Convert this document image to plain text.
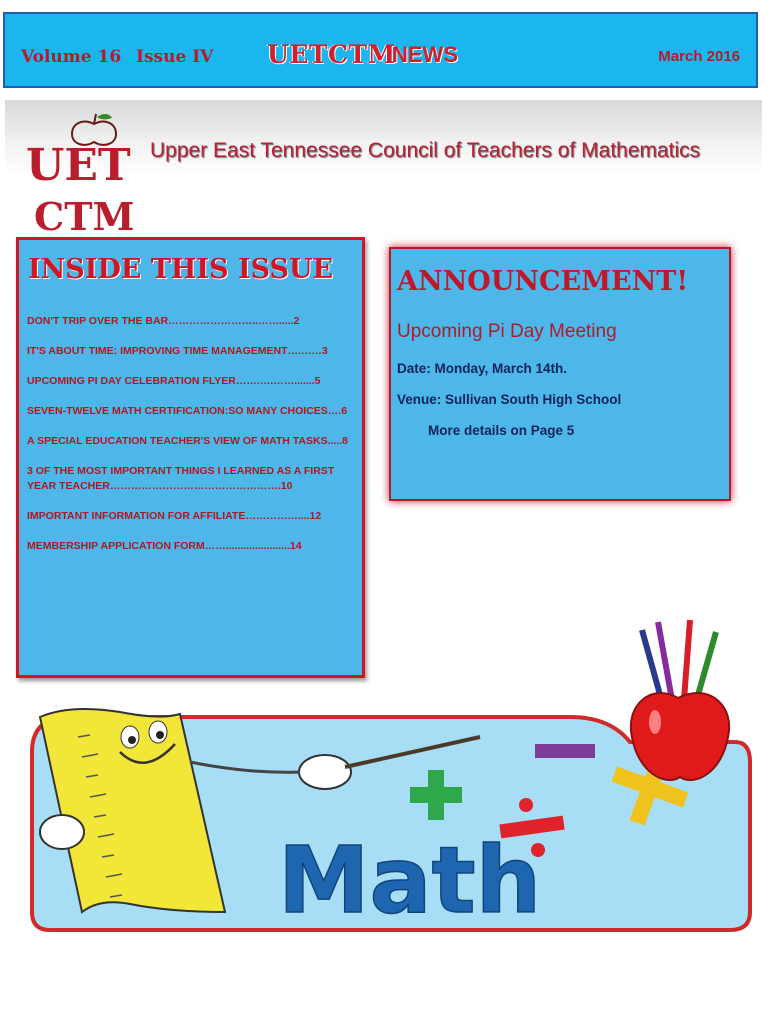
Volume 16 Issue IV UETCTM
NEWS	March 2016
UET
CTM
Upper East Tennessee Council of Teachers of Mathematics
INSIDE THIS ISSUE
DON'T TRIP OVER THE BAR……………………..…….....2
IT'S ABOUT TIME: IMPROVING TIME MANAGEMENT….……3
UPCOMING PI DAY CELEBRATION FLYER…….….…….......5
SEVEN-TWELVE MATH CERTIFICATION:SO MANY CHOICES….6
A SPECIAL EDUCATION TEACHER'S VIEW OF MATH TASKS.....8
3 OF THE MOST IMPORTANT THINGS I LEARNED AS A FIRST YEAR TEACHER………………………………………….10
IMPORTANT INFORMATION FOR AFFILIATE……………....12
MEMBERSHIP APPLICATION FORM……......................14
ANNOUNCEMENT!
Upcoming Pi Day Meeting
Date: Monday, March 14th.
Venue: Sullivan South High School
More details on Page 5
Math
